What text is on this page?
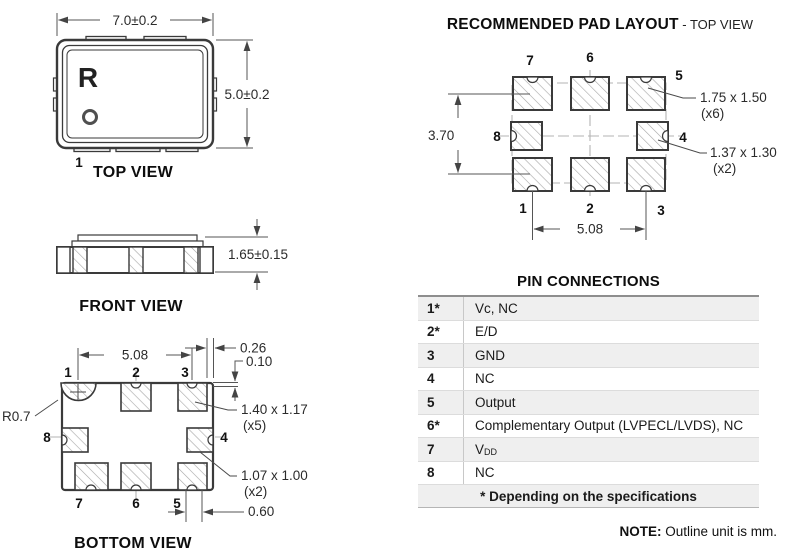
7.0±0.2
R
5.0±0.2
1
TOP VIEW
1.65±0.15
FRONT VIEW
5.08	0.26
0.10
1.40 x 1.17
(x5)
1.07 x 1.00
(x2)
0.60
R0.7
1	2	3
8	4
7	6 5
BOTTOM VIEW
RECOMMENDED PAD LAYOUT - TOP VIEW
3.70
5.08
1.75 x 1.50
(x6)
1.37 x 1.30
(x2)
7	6
5
8	4
1	2	3
PIN CONNECTIONS
1*	Vc, NC
2*	E/D
3	GND
4	NC
5	Output
6*	Complementary Output (LVPECL/LVDS), NC
7	V DD
8	NC
* Depending on the specifications
NOTE: Outline unit is mm.
